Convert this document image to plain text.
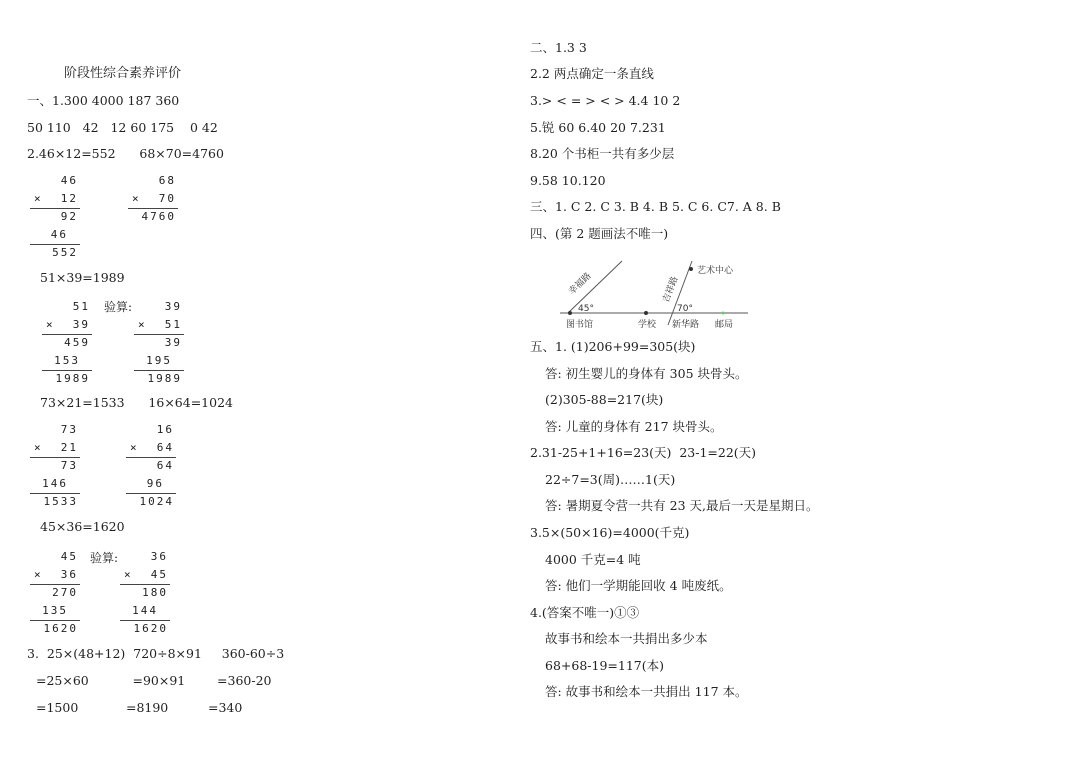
阶段性综合素养评价
一、1.300 4000 187 360
50 110   42   12 60 175    0 42
2.46×12=552      68×70=4760
46
×	12
92
46
552
68
×	70
4760
51×39=1989
51
×	39
459
153
1989
验算:	39
×	51
39
195
1989
73×21=1533      16×64=1024
73
×	21
73
146
1533
16
×	64
64
96
1024
45×36=1620
45
×	36
270
135
1620
验算:	36
×	45
180
144
1620
3.  25×(48+12)  720÷8×91     360-60÷3
=25×60           =90×91        =360-20
=1500            =8190          =340
二、1.3 3
2.2 两点确定一条直线
3.> < = > < > 4.4 10 2
5.锐 60 6.40 20 7.231
8.20 个书柜一共有多少层
9.58 10.120
三、1. C 2. C 3. B 4. B 5. C 6. C7. A 8. B
四、(第 2 题画法不唯一)
幸福路	吉祥路
艺术中心
45°	70°
图书馆	学校 新华路 邮局
五、1. (1)206+99=305(块)
答: 初生婴儿的身体有 305 块骨头。
(2)305-88=217(块)
答: 儿童的身体有 217 块骨头。
2.31-25+1+16=23(天)  23-1=22(天)
22÷7=3(周)……1(天)
答: 暑期夏令营一共有 23 天,最后一天是星期日。
3.5×(50×16)=4000(千克)
4000 千克=4 吨
答: 他们一学期能回收 4 吨废纸。
4.(答案不唯一)①③
故事书和绘本一共捐出多少本
68+68-19=117(本)
答: 故事书和绘本一共捐出 117 本。
